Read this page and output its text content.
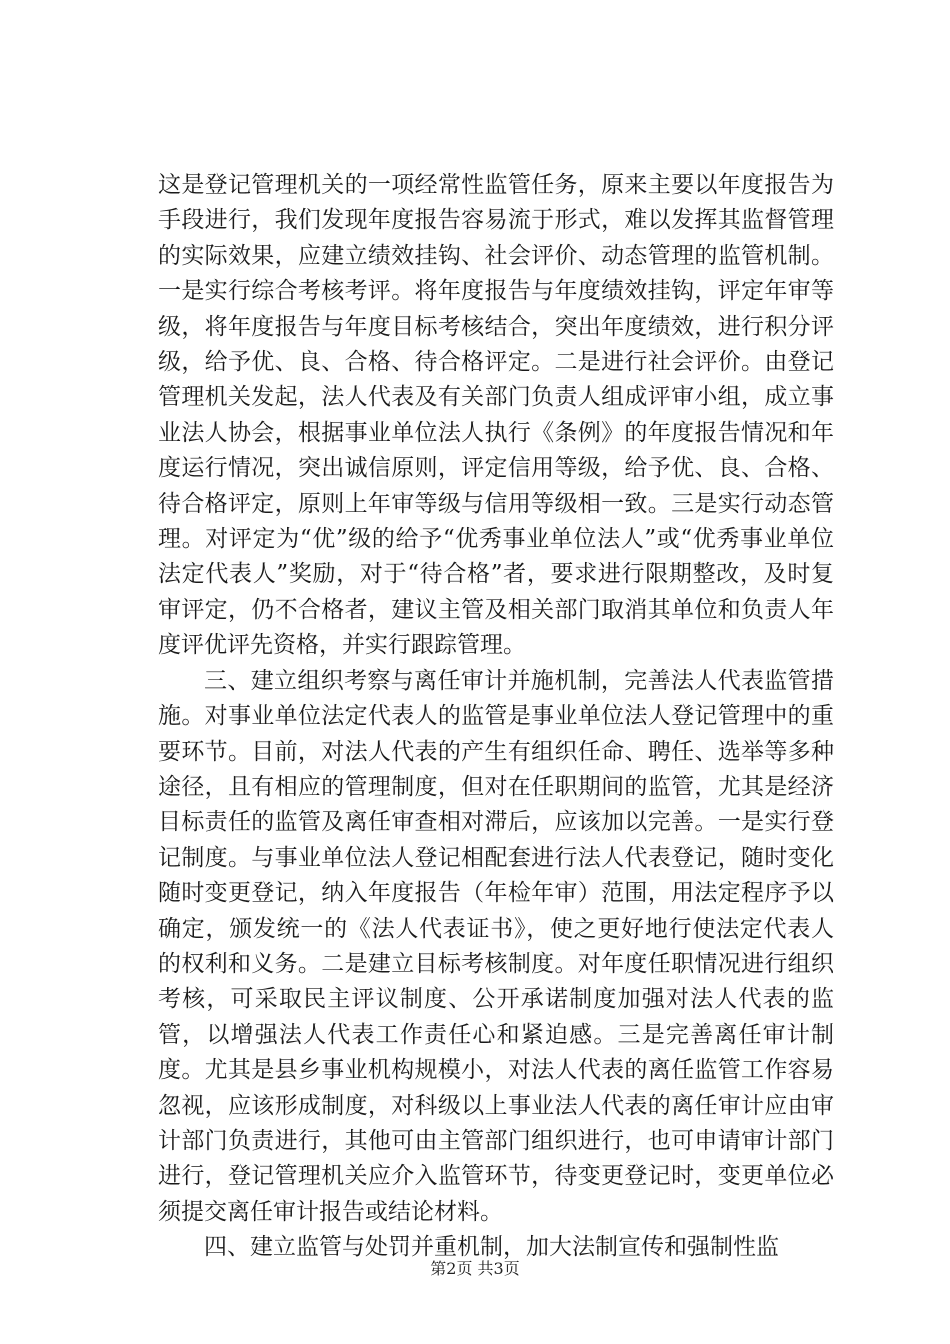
这是登记管理机关的一项经常性监管任务，原来主要以年度报告为手段进行，我们发现年度报告容易流于形式，难以发挥其监督管理的实际效果，应建立绩效挂钩、社会评价、动态管理的监管机制。一是实行综合考核考评。将年度报告与年度绩效挂钩，评定年审等级，将年度报告与年度目标考核结合，突出年度绩效，进行积分评级，给予优、良、合格、待合格评定。二是进行社会评价。由登记管理机关发起，法人代表及有关部门负责人组成评审小组，成立事业法人协会，根据事业单位法人执行《条例》的年度报告情况和年度运行情况，突出诚信原则，评定信用等级，给予优、良、合格、待合格评定，原则上年审等级与信用等级相一致。三是实行动态管理。对评定为“优”级的给予“优秀事业单位法人”或“优秀事业单位法定代表人”奖励，对于“待合格”者，要求进行限期整改，及时复审评定，仍不合格者，建议主管及相关部门取消其单位和负责人年度评优评先资格，并实行跟踪管理。

三、建立组织考察与离任审计并施机制，完善法人代表监管措施。对事业单位法定代表人的监管是事业单位法人登记管理中的重要环节。目前，对法人代表的产生有组织任命、聘任、选举等多种途径，且有相应的管理制度，但对在任职期间的监管，尤其是经济目标责任的监管及离任审查相对滞后，应该加以完善。一是实行登记制度。与事业单位法人登记相配套进行法人代表登记，随时变化随时变更登记，纳入年度报告（年检年审）范围，用法定程序予以确定，颁发统一的《法人代表证书》，使之更好地行使法定代表人的权利和义务。二是建立目标考核制度。对年度任职情况进行组织考核，可采取民主评议制度、公开承诺制度加强对法人代表的监管，以增强法人代表工作责任心和紧迫感。三是完善离任审计制度。尤其是县乡事业机构规模小，对法人代表的离任监管工作容易忽视，应该形成制度，对科级以上事业法人代表的离任审计应由审计部门负责进行，其他可由主管部门组织进行，也可申请审计部门进行，登记管理机关应介入监管环节，待变更登记时，变更单位必须提交离任审计报告或结论材料。

四、建立监管与处罚并重机制，加大法制宣传和强制性监

第2页 共3页
